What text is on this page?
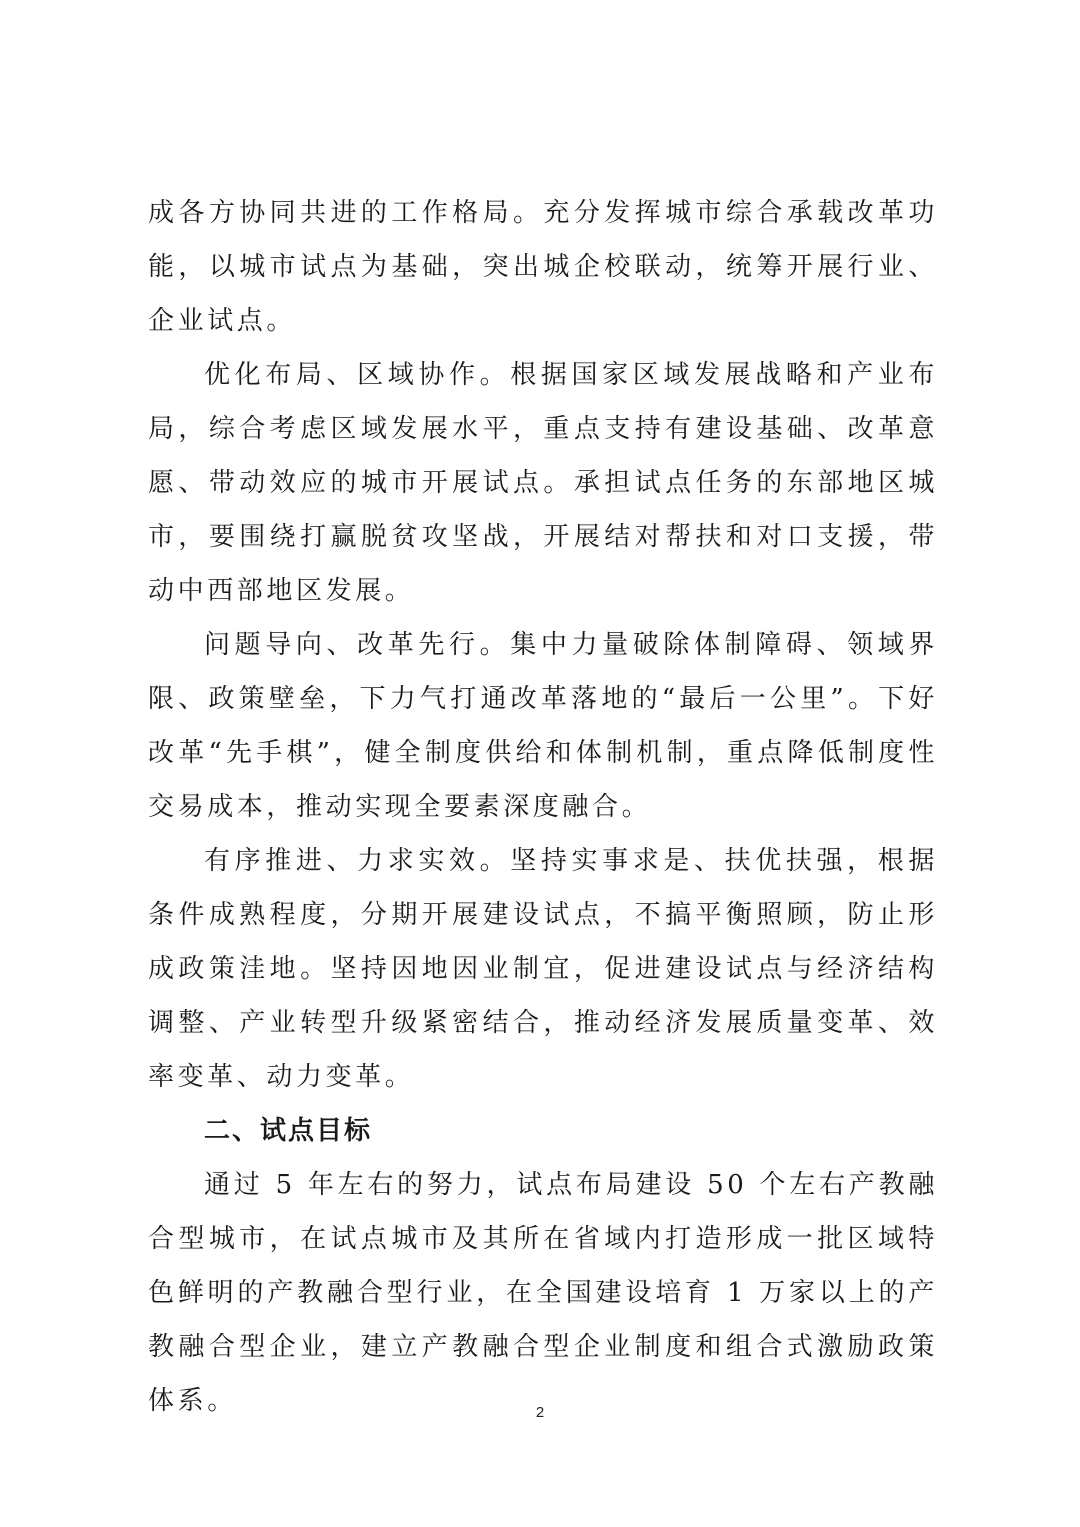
成各方协同共进的工作格局。充分发挥城市综合承载改革功能，以城市试点为基础，突出城企校联动，统筹开展行业、企业试点。

优化布局、区域协作。根据国家区域发展战略和产业布局，综合考虑区域发展水平，重点支持有建设基础、改革意愿、带动效应的城市开展试点。承担试点任务的东部地区城市，要围绕打赢脱贫攻坚战，开展结对帮扶和对口支援，带动中西部地区发展。

问题导向、改革先行。集中力量破除体制障碍、领域界限、政策壁垒，下力气打通改革落地的“最后一公里”。下好改革“先手棋”，健全制度供给和体制机制，重点降低制度性交易成本，推动实现全要素深度融合。

有序推进、力求实效。坚持实事求是、扶优扶强，根据条件成熟程度，分期开展建设试点，不搞平衡照顾，防止形成政策洼地。坚持因地因业制宜，促进建设试点与经济结构调整、产业转型升级紧密结合，推动经济发展质量变革、效率变革、动力变革。

二、试点目标

通过 5 年左右的努力，试点布局建设 50 个左右产教融合型城市，在试点城市及其所在省域内打造形成一批区域特色鲜明的产教融合型行业，在全国建设培育 1 万家以上的产教融合型企业，建立产教融合型企业制度和组合式激励政策体系。	2
